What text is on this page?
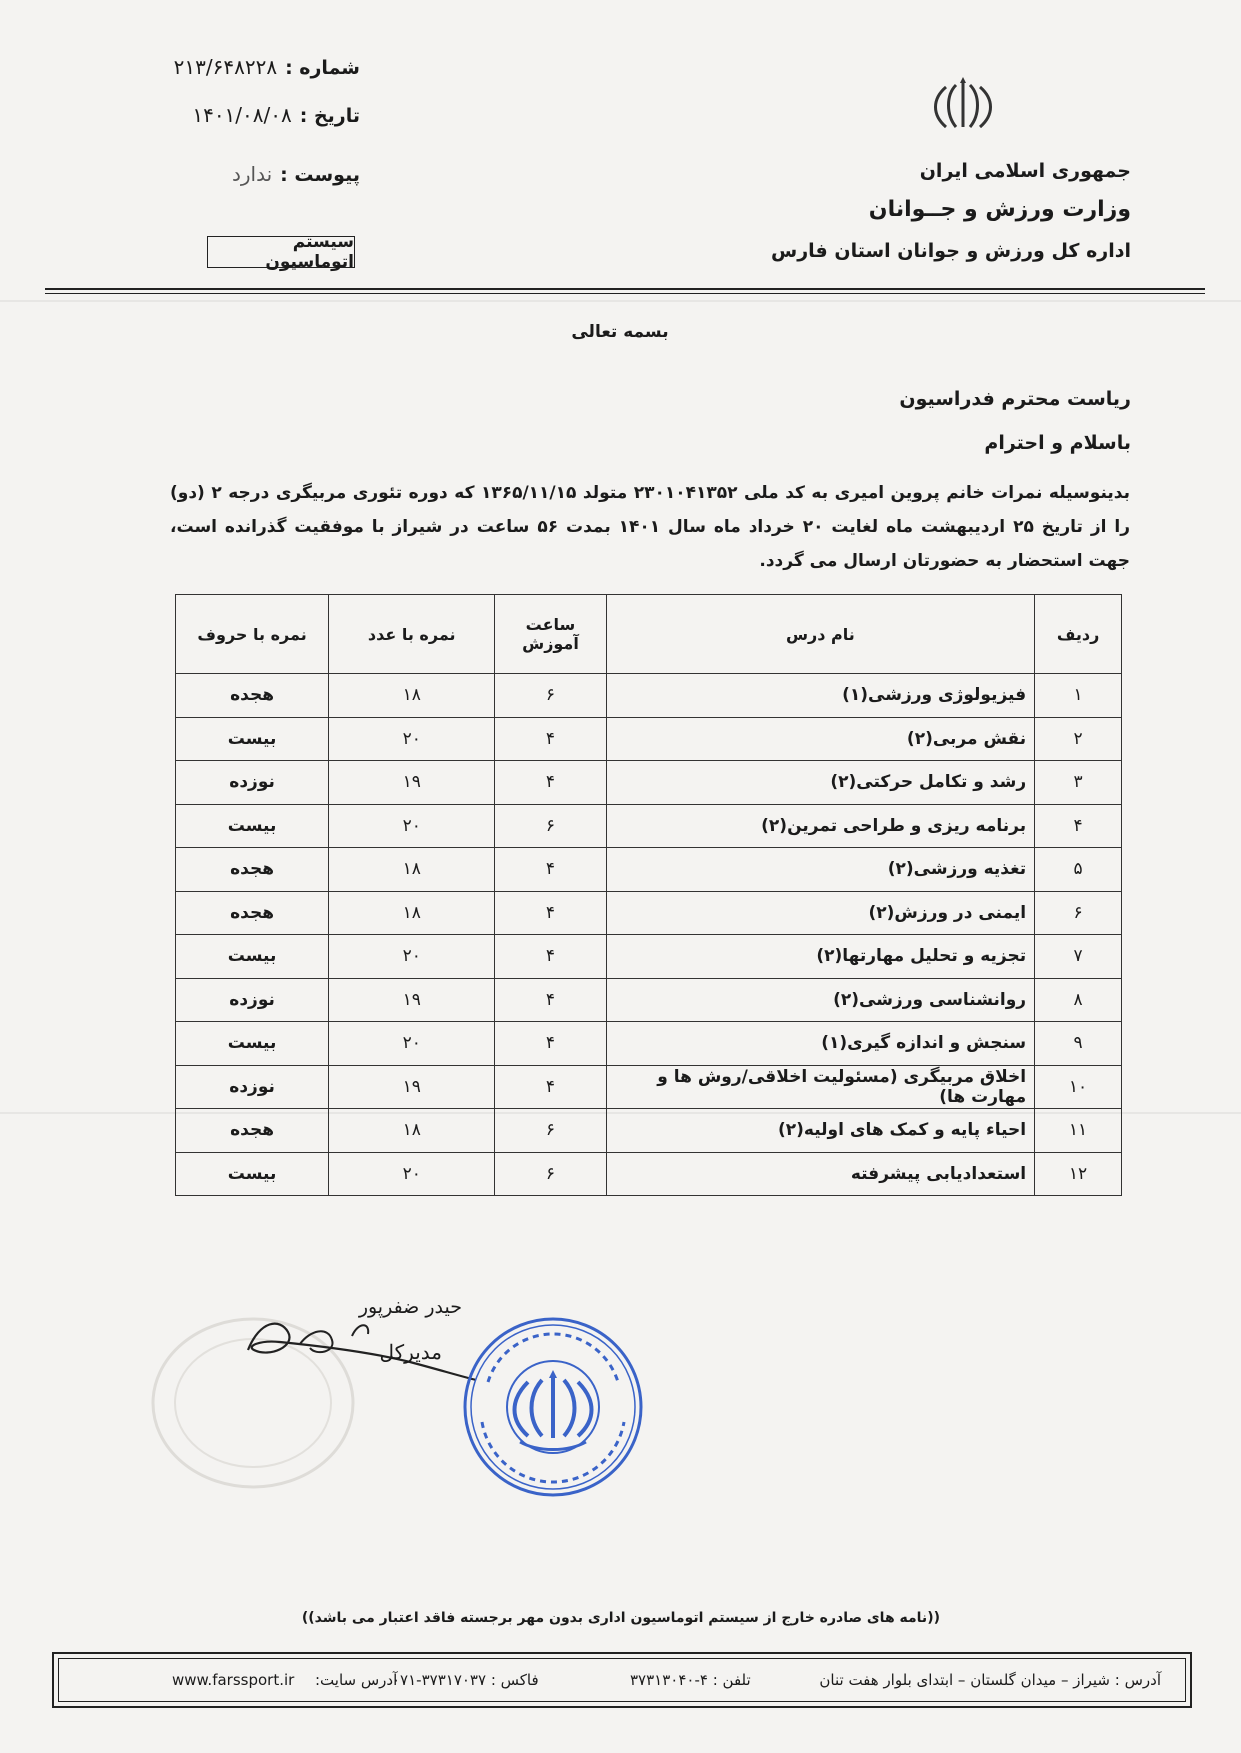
شماره :۲۱۳/۶۴۸۲۲۸
تاریخ :۱۴۰۱/۰۸/۰۸
پیوست :ندارد
سیستم اتوماسیون
جمهوری اسلامی ایران
وزارت ورزش و جــوانان
اداره کل ورزش و جوانان استان فارس
بسمه تعالی
ریاست محترم فدراسیون
باسلام و احترام
بدینوسیله نمرات خانم پروین امیری به کد ملی ۲۳۰۱۰۴۱۳۵۲ متولد ۱۳۶۵/۱۱/۱۵ که دوره تئوری مربیگری درجه ۲ (دو) را از تاریخ ۲۵ اردیبهشت ماه لغایت ۲۰ خرداد ماه سال ۱۴۰۱ بمدت ۵۶ ساعت در شیراز با موفقیت گذرانده است، جهت استحضار به حضورتان ارسال می گردد.
ردیف	نام درس	ساعت آموزش	نمره با عدد	نمره با حروف
۱	فیزیولوژی ورزشی(۱)	۶	۱۸	هجده
۲	نقش مربی(۲)	۴	۲۰	بیست
۳	رشد و تکامل حرکتی(۲)	۴	۱۹	نوزده
۴	برنامه ریزی و طراحی تمرین(۲)	۶	۲۰	بیست
۵	تغذیه ورزشی(۲)	۴	۱۸	هجده
۶	ایمنی در ورزش(۲)	۴	۱۸	هجده
۷	تجزیه و تحلیل مهارتها(۲)	۴	۲۰	بیست
۸	روانشناسی ورزشی(۲)	۴	۱۹	نوزده
۹	سنجش و اندازه گیری(۱)	۴	۲۰	بیست
۱۰	اخلاق مربیگری (مسئولیت اخلاقی/روش ها و مهارت ها)	۴	۱۹	نوزده
۱۱	احیاء پایه و کمک های اولیه(۲)	۶	۱۸	هجده
۱۲	استعدادیابی پیشرفته	۶	۲۰	بیست
حیدر ضفرپور
مدیرکل
((نامه های صادره خارج از سیستم اتوماسیون اداری بدون مهر برجسته فاقد اعتبار می باشد))
آدرس : شیراز – میدان گلستان – ابتدای بلوار هفت تنان
تلفن : ۴-۳۷۳۱۳۰۴۰
فاکس : ۳۷۳۱۷۰۳۷-۰۷۱
آدرس سایت:
www.farssport.ir
